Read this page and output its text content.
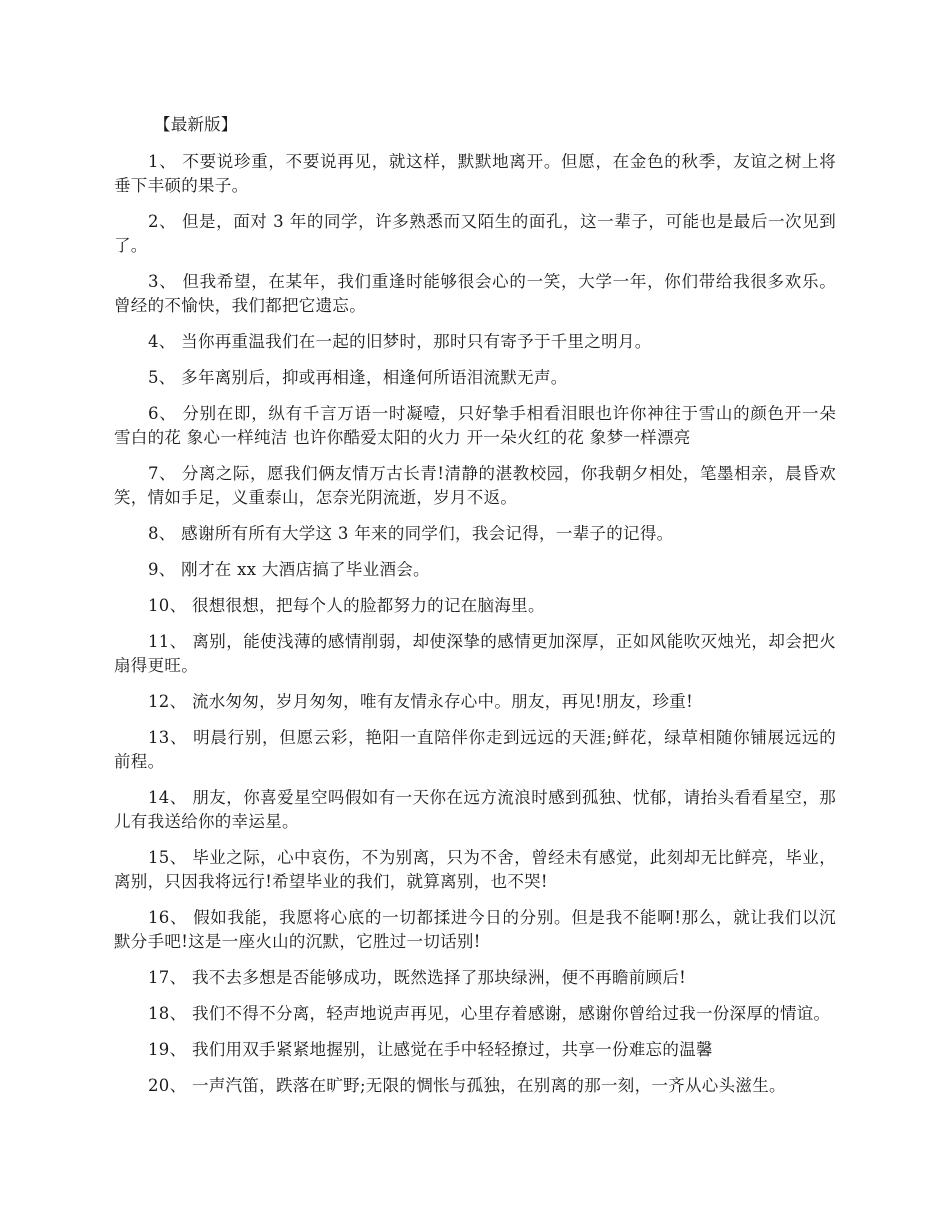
【最新版】

1、 不要说珍重，不要说再见，就这样，默默地离开。但愿，在金色的秋季，友谊之树上将垂下丰硕的果子。

2、 但是，面对 3 年的同学，许多熟悉而又陌生的面孔，这一辈子，可能也是最后一次见到了。

3、 但我希望，在某年，我们重逢时能够很会心的一笑，大学一年，你们带给我很多欢乐。曾经的不愉快，我们都把它遗忘。

4、 当你再重温我们在一起的旧梦时，那时只有寄予于千里之明月。

5、 多年离别后，抑或再相逢，相逢何所语泪流默无声。

6、 分别在即，纵有千言万语一时凝噎，只好挚手相看泪眼也许你神往于雪山的颜色开一朵雪白的花 象心一样纯洁 也许你酷爱太阳的火力 开一朵火红的花 象梦一样漂亮

7、 分离之际，愿我们俩友情万古长青!清静的湛教校园，你我朝夕相处，笔墨相亲，晨昏欢笑，情如手足，义重泰山，怎奈光阴流逝，岁月不返。

8、 感谢所有所有大学这 3 年来的同学们，我会记得，一辈子的记得。

9、 刚才在 xx 大酒店搞了毕业酒会。

10、 很想很想，把每个人的脸都努力的记在脑海里。

11、 离别，能使浅薄的感情削弱，却使深挚的感情更加深厚，正如风能吹灭烛光，却会把火扇得更旺。

12、 流水匆匆，岁月匆匆，唯有友情永存心中。朋友，再见!朋友，珍重!

13、 明晨行别，但愿云彩，艳阳一直陪伴你走到远远的天涯;鲜花，绿草相随你铺展远远的前程。

14、 朋友，你喜爱星空吗假如有一天你在远方流浪时感到孤独、忧郁，请抬头看看星空，那儿有我送给你的幸运星。

15、 毕业之际，心中哀伤，不为别离，只为不舍，曾经未有感觉，此刻却无比鲜亮，毕业，离别，只因我将远行!希望毕业的我们，就算离别，也不哭!

16、 假如我能，我愿将心底的一切都揉进今日的分别。但是我不能啊!那么，就让我们以沉默分手吧!这是一座火山的沉默，它胜过一切话别!

17、 我不去多想是否能够成功，既然选择了那块绿洲，便不再瞻前顾后!

18、 我们不得不分离，轻声地说声再见，心里存着感谢，感谢你曾给过我一份深厚的情谊。

19、 我们用双手紧紧地握别，让感觉在手中轻轻撩过，共享一份难忘的温馨

20、 一声汽笛，跌落在旷野;无限的惆怅与孤独，在别离的那一刻，一齐从心头滋生。
